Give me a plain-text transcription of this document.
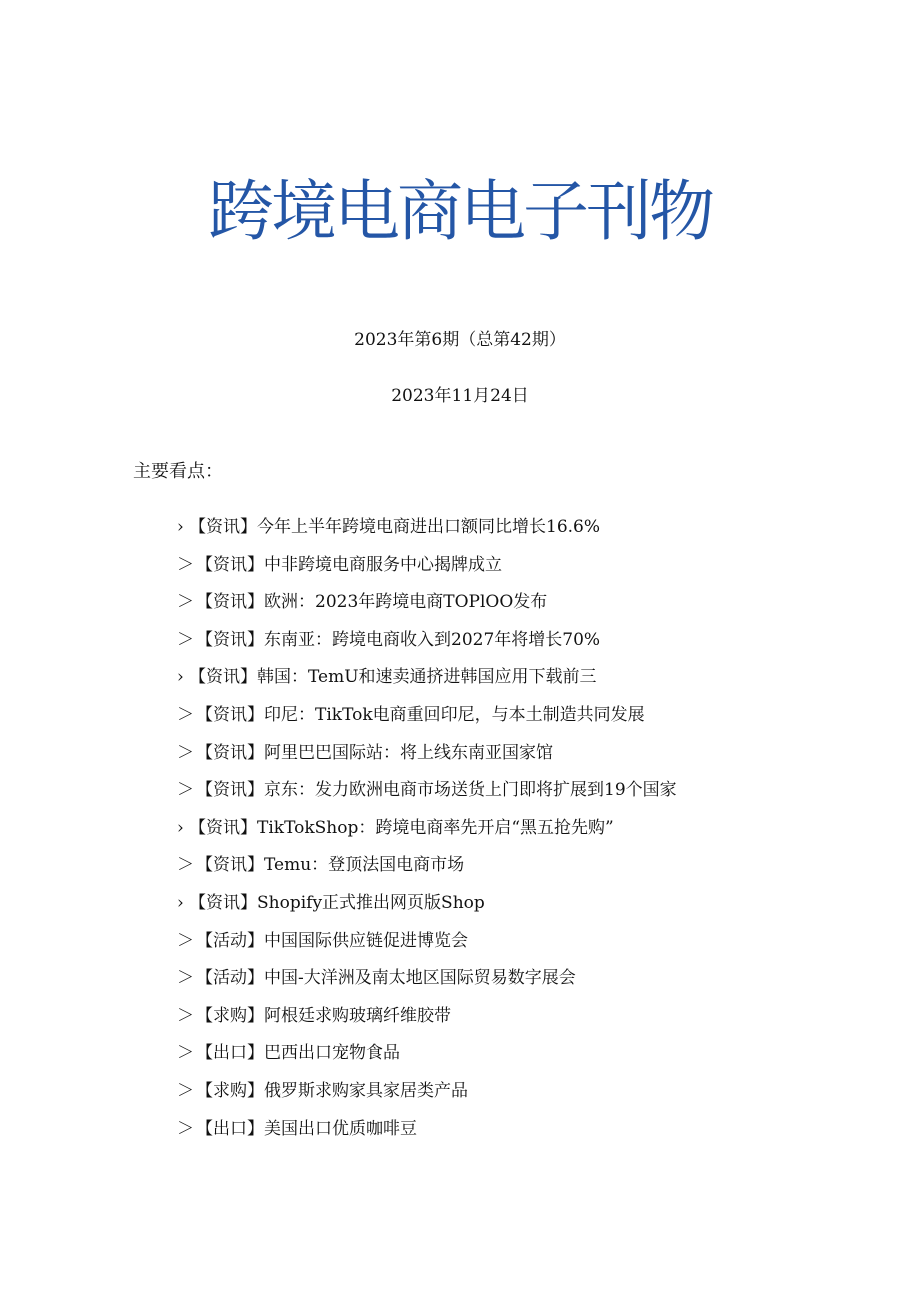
跨境电商电子刊物

2023年第6期（总第42期）

2023年11月24日

主要看点：
› 【资讯】今年上半年跨境电商进出口额同比增长16.6%
＞ 【资讯】中非跨境电商服务中心揭牌成立
＞ 【资讯】欧洲：2023年跨境电商TOPlOO发布
＞ 【资讯】东南亚：跨境电商收入到2027年将增长70%
› 【资讯】韩国：TemU和速卖通挤进韩国应用下载前三
＞ 【资讯】印尼：TikTok电商重回印尼，与本土制造共同发展
＞ 【资讯】阿里巴巴国际站：将上线东南亚国家馆
＞ 【资讯】京东：发力欧洲电商市场送货上门即将扩展到19个国家
› 【资讯】TikTokShop：跨境电商率先开启“黑五抢先购”
＞ 【资讯】Temu：登顶法国电商市场
› 【资讯】Shopify正式推出网页版Shop
＞ 【活动】中国国际供应链促进博览会
＞ 【活动】中国-大洋洲及南太地区国际贸易数字展会
＞ 【求购】阿根廷求购玻璃纤维胶带
＞ 【出口】巴西出口宠物食品
＞ 【求购】俄罗斯求购家具家居类产品
＞ 【出口】美国出口优质咖啡豆
